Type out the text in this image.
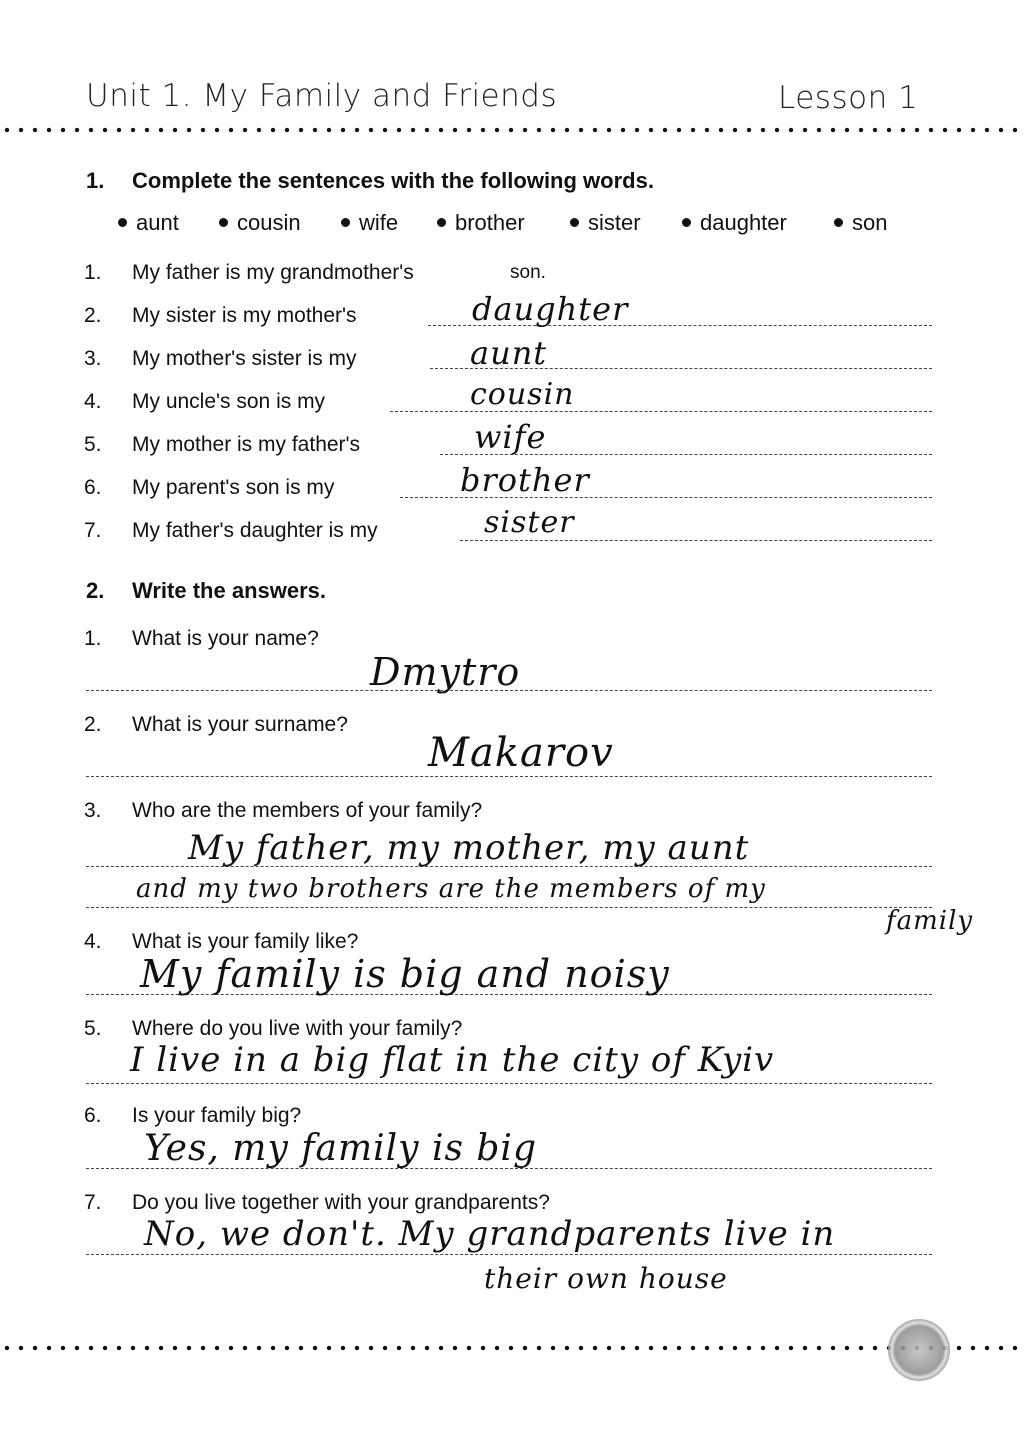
Unit 1. My Family and Friends	Lesson 1
1. Complete the sentences with the following words.
aunt	cousin	wife	brother	sister	daughter	son
1. My father is my grandmother's	son.
2. My sister is my mother's	daughter
3. My mother's sister is my	aunt
4. My uncle's son is my	cousin
5. My mother is my father's	wife
6. My parent's son is my	brother
7. My father's daughter is my	sister
2. Write the answers.
1. What is your name?
Dmytro
2. What is your surname?
Makarov
3. Who are the members of your family?
My father, my mother, my aunt
and my two brothers are the members of my
family
4. What is your family like?
My family is big and noisy
5. Where do you live with your family?
I live in a big flat in the city of Kyiv
6. Is your family big?
Yes, my family is big
7. Do you live together with your grandparents?
No, we don't. My grandparents live in
their own house
